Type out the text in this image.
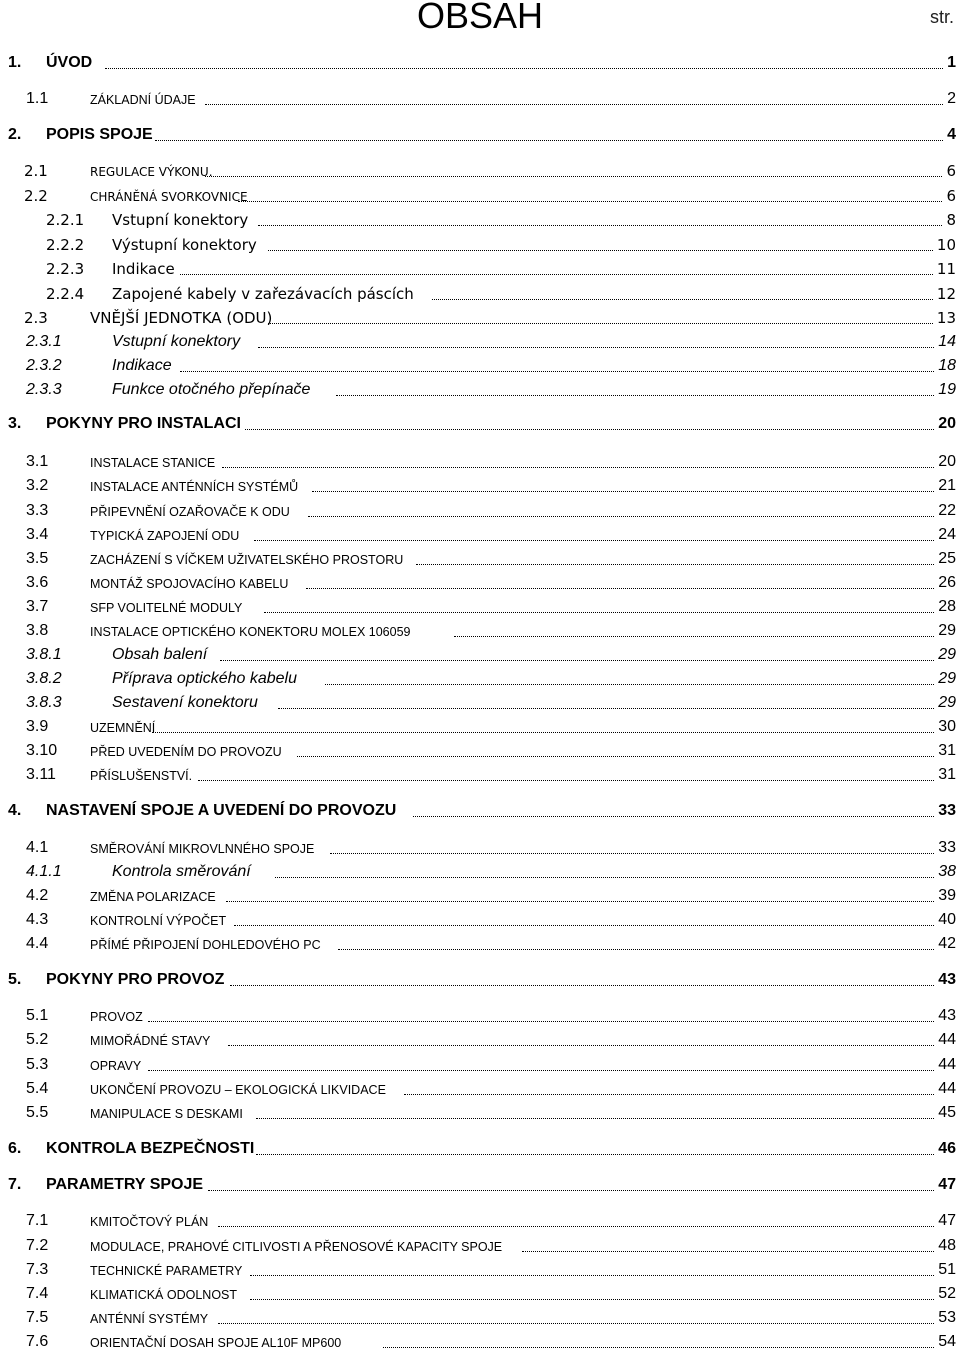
OBSAH	str.
1. ÚVOD	1
1.1	ZÁKLADNÍ ÚDAJE	2
2. POPIS SPOJE	4
2.1	REGULACE VÝKONU.	6
2.2	CHRÁNĚNÁ SVORKOVNICE	6
2.2.1 Vstupní konektory	8
2.2.2 Výstupní konektory	10
2.2.3 Indikace	11
2.2.4 Zapojené kabely v zařezávacích páscích	12
2.3	VNĚJŠÍ JEDNOTKA (ODU)	13
2.3.1	Vstupní konektory	14
2.3.2	Indikace	18
2.3.3	Funkce otočného přepínače	19
3. POKYNY PRO INSTALACI	20
3.1	INSTALACE STANICE	20
3.2	INSTALACE ANTÉNNÍCH SYSTÉMŮ	21
3.3	PŘIPEVNĚNÍ OZAŘOVAČE K ODU	22
3.4	TYPICKÁ ZAPOJENÍ ODU	24
3.5	ZACHÁZENÍ S VÍČKEM UŽIVATELSKÉHO PROSTORU	25
3.6	MONTÁŽ SPOJOVACÍHO KABELU	26
3.7	SFP VOLITELNÉ MODULY	28
3.8	INSTALACE OPTICKÉHO KONEKTORU MOLEX 106059	29
3.8.1	Obsah balení	29
3.8.2	Příprava optického kabelu	29
3.8.3	Sestavení konektoru	29
3.9	UZEMNĚNÍ	30
3.10	PŘED UVEDENÍM DO PROVOZU	31
3.11	PŘÍSLUŠENSTVÍ.	31
4. NASTAVENÍ SPOJE A UVEDENÍ DO PROVOZU	33
4.1	SMĚROVÁNÍ MIKROVLNNÉHO SPOJE	33
4.1.1	Kontrola směrování	38
4.2	ZMĚNA POLARIZACE	39
4.3	KONTROLNÍ VÝPOČET	40
4.4	PŘÍMÉ PŘIPOJENÍ DOHLEDOVÉHO PC	42
5. POKYNY PRO PROVOZ	43
5.1	PROVOZ	43
5.2	MIMOŘÁDNÉ STAVY	44
5.3	OPRAVY	44
5.4	UKONČENÍ PROVOZU – EKOLOGICKÁ LIKVIDACE	44
5.5	MANIPULACE S DESKAMI	45
6. KONTROLA BEZPEČNOSTI	46
7. PARAMETRY SPOJE	47
7.1	KMITOČTOVÝ PLÁN	47
7.2	MODULACE, PRAHOVÉ CITLIVOSTI A PŘENOSOVÉ KAPACITY SPOJE	48
7.3	TECHNICKÉ PARAMETRY	51
7.4	KLIMATICKÁ ODOLNOST	52
7.5	ANTÉNNÍ SYSTÉMY	53
7.6	ORIENTAČNÍ DOSAH SPOJE AL10F MP600	54
